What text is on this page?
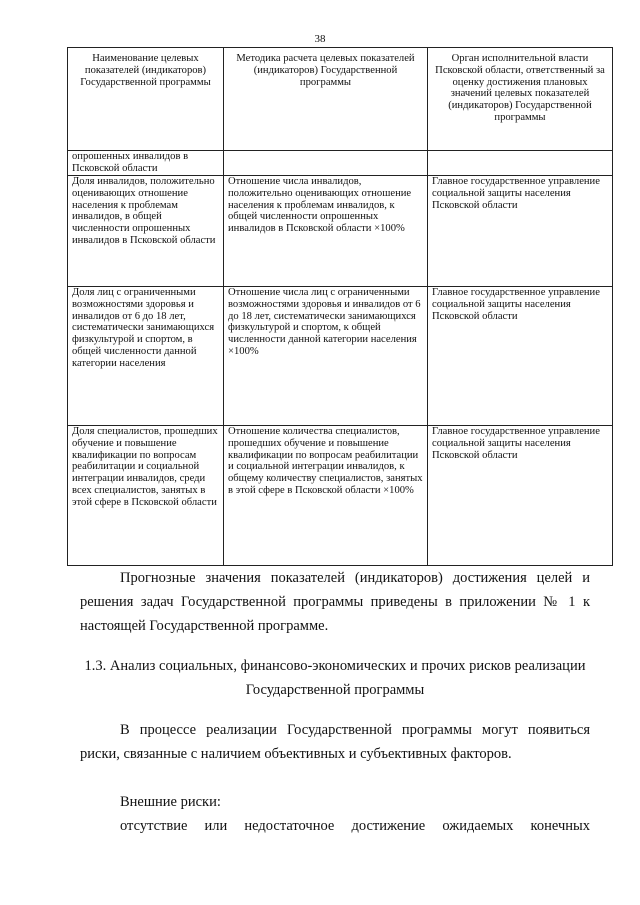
38
Наименование целевых показателей (индикаторов) Государственной программы	Методика расчета целевых показателей (индикаторов) Государственной программы	Орган исполнительной власти Псковской области, ответственный за оценку достижения плановых значений целевых показателей (индикаторов) Государственной программы
опрошенных инвалидов в Псковской области		
Доля инвалидов, положительно оценивающих отношение населения к проблемам инвалидов, в общей численности опрошенных инвалидов в Псковской области	Отношение числа инвалидов, положительно оценивающих отношение населения к проблемам инвалидов, к общей численности опрошенных инвалидов в Псковской области ×100%	Главное государственное управление социальной защиты населения Псковской области
Доля лиц с ограниченными возможностями здоровья и инвалидов от 6 до 18 лет, систематически занимающихся физкультурой и спортом, в общей численности данной категории населения	Отношение числа лиц с ограниченными возможностями здоровья и инвалидов от 6 до 18 лет, систематически занимающихся физкультурой и спортом, к общей численности данной категории населения ×100%	Главное государственное управление социальной защиты населения Псковской области
Доля специалистов, прошедших обучение и повышение квалификации по вопросам реабилитации и социальной интеграции инвалидов, среди всех специалистов, занятых в этой сфере в Псковской области	Отношение количества специалистов, прошедших обучение и повышение квалификации по вопросам реабилитации и социальной интеграции инвалидов, к общему количеству специалистов, занятых в этой сфере в Псковской области ×100%	Главное государственное управление социальной защиты населения Псковской области
Прогнозные значения показателей (индикаторов) достижения целей и решения задач Государственной программы приведены в приложении № 1 к настоящей Государственной программе.
1.3. Анализ социальных, финансово-экономических и прочих рисков реализации Государственной программы
В процессе реализации Государственной программы могут появиться риски, связанные с наличием объективных и субъективных факторов.
Внешние риски:
отсутствие или недостаточное достижение ожидаемых конечных
